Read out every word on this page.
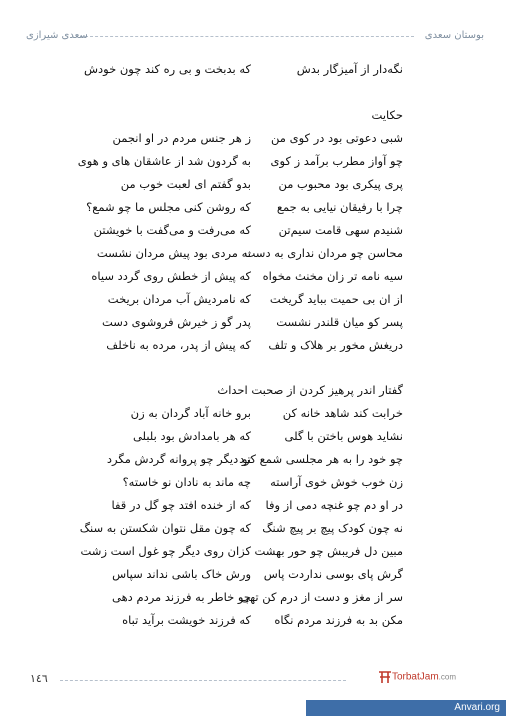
بوستان سعدی
سعدی شیرازی
نگه‌دار از آمیزگار بدش
که بدبخت و بی ره کند چون خودش
حکایت
شبی دعوتی بود در کوی من
ز هر جنس مردم در او انجمن
چو آواز مطرب برآمد ز کوی
به گردون شد از عاشقان های و هوی
پری پیکری بود محبوب من
بدو گفتم ای لعبت خوب من
چرا با رفیقان نیایی به جمع
که روشن کنی مجلس ما چو شمع؟
شنیدم سهی قامت سیم‌تن
که می‌رفت و می‌گفت با خویشتن
محاسن چو مردان نداری به دست
نه مردی بود پیش مردان نشست
سیه نامه تر زان مخنث مخواه
که پیش از خطش روی گردد سیاه
از ان بی حمیت بباید گریخت
که نامردیش آب مردان بریخت
پسر کو میان قلندر نشست
پدر گو ز خیرش فروشوی دست
دریغش مخور بر هلاک و تلف
که پیش از پدر، مرده به ناخلف
گفتار اندر پرهیز کردن از صحبت احداث
خرابت کند شاهد خانه کن
برو خانه آباد گردان به زن
نشاید هوس باختن با گلی
که هر بامدادش بود بلبلی
چو خود را به هر مجلسی شمع کرد
تو دیگر چو پروانه گردش مگرد
زن خوب خوش خوی آراسته
چه ماند به نادان نو خاسته؟
در او دم چو غنچه دمی از وفا
که از خنده افتد چو گل در قفا
نه چون کودک پیچ بر پیچ شنگ
که چون مقل نتوان شکستن به سنگ
مبین دل فریبش چو حور بهشت
کزان روی دیگر چو غول است زشت
گرش پای بوسی نداردت پاس
ورش خاک باشی نداند سپاس
سر از مغز و دست از درم کن تهی
چو خاطر به فرزند مردم دهی
مکن بد به فرزند مردم نگاه
که فرزند خویشت برآید تباه
١٤٦	TorbatJam.com
Anvari.org
